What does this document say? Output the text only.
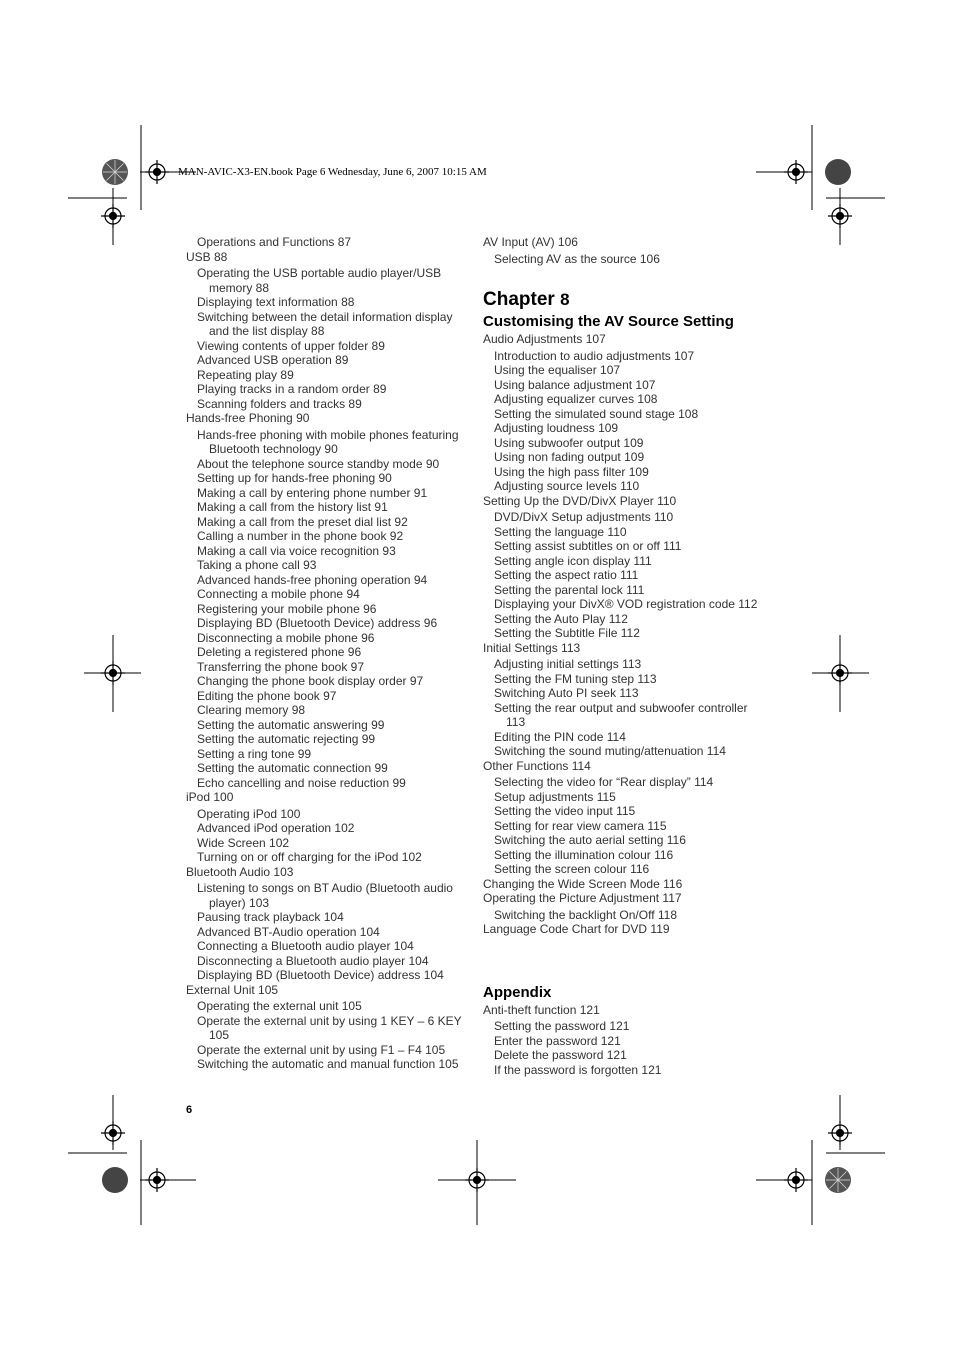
MAN-AVIC-X3-EN.book Page 6 Wednesday, June 6, 2007 10:15 AM

Operations and Functions 87

USB 88

Operating the USB portable audio player/USB memory 88

Displaying text information 88

Switching between the detail information display and the list display 88

Viewing contents of upper folder 89

Advanced USB operation 89

Repeating play 89

Playing tracks in a random order 89

Scanning folders and tracks 89

Hands-free Phoning 90

Hands-free phoning with mobile phones featuring Bluetooth technology 90

About the telephone source standby mode 90

Setting up for hands-free phoning 90

Making a call by entering phone number 91

Making a call from the history list 91

Making a call from the preset dial list 92

Calling a number in the phone book 92

Making a call via voice recognition 93

Taking a phone call 93

Advanced hands-free phoning operation 94

Connecting a mobile phone 94

Registering your mobile phone 96

Displaying BD (Bluetooth Device) address 96

Disconnecting a mobile phone 96

Deleting a registered phone 96

Transferring the phone book 97

Changing the phone book display order 97

Editing the phone book 97

Clearing memory 98

Setting the automatic answering 99

Setting the automatic rejecting 99

Setting a ring tone 99

Setting the automatic connection 99

Echo cancelling and noise reduction 99

iPod 100

Operating iPod 100

Advanced iPod operation 102

Wide Screen 102

Turning on or off charging for the iPod 102

Bluetooth Audio 103

Listening to songs on BT Audio (Bluetooth audio player) 103

Pausing track playback 104

Advanced BT-Audio operation 104

Connecting a Bluetooth audio player 104

Disconnecting a Bluetooth audio player 104

Displaying BD (Bluetooth Device) address 104

External Unit 105

Operating the external unit 105

Operate the external unit by using 1 KEY – 6 KEY 105

Operate the external unit by using F1 – F4 105

Switching the automatic and manual function 105

AV Input (AV) 106

Selecting AV as the source 106

Chapter 8
Customising the AV Source Setting

Audio Adjustments 107

Introduction to audio adjustments 107

Using the equaliser 107

Using balance adjustment 107

Adjusting equalizer curves 108

Setting the simulated sound stage 108

Adjusting loudness 109

Using subwoofer output 109

Using non fading output 109

Using the high pass filter 109

Adjusting source levels 110

Setting Up the DVD/DivX Player 110

DVD/DivX Setup adjustments 110

Setting the language 110

Setting assist subtitles on or off 111

Setting angle icon display 111

Setting the aspect ratio 111

Setting the parental lock 111

Displaying your DivX® VOD registration code 112

Setting the Auto Play 112

Setting the Subtitle File 112

Initial Settings 113

Adjusting initial settings 113

Setting the FM tuning step 113

Switching Auto PI seek 113

Setting the rear output and subwoofer controller 113

Editing the PIN code 114

Switching the sound muting/attenuation 114

Other Functions 114

Selecting the video for “Rear display” 114

Setup adjustments 115

Setting the video input 115

Setting for rear view camera 115

Switching the auto aerial setting 116

Setting the illumination colour 116

Setting the screen colour 116

Changing the Wide Screen Mode 116

Operating the Picture Adjustment 117

Switching the backlight On/Off 118

Language Code Chart for DVD 119

Appendix

Anti-theft function 121

Setting the password 121

Enter the password 121

Delete the password 121

If the password is forgotten 121

6
